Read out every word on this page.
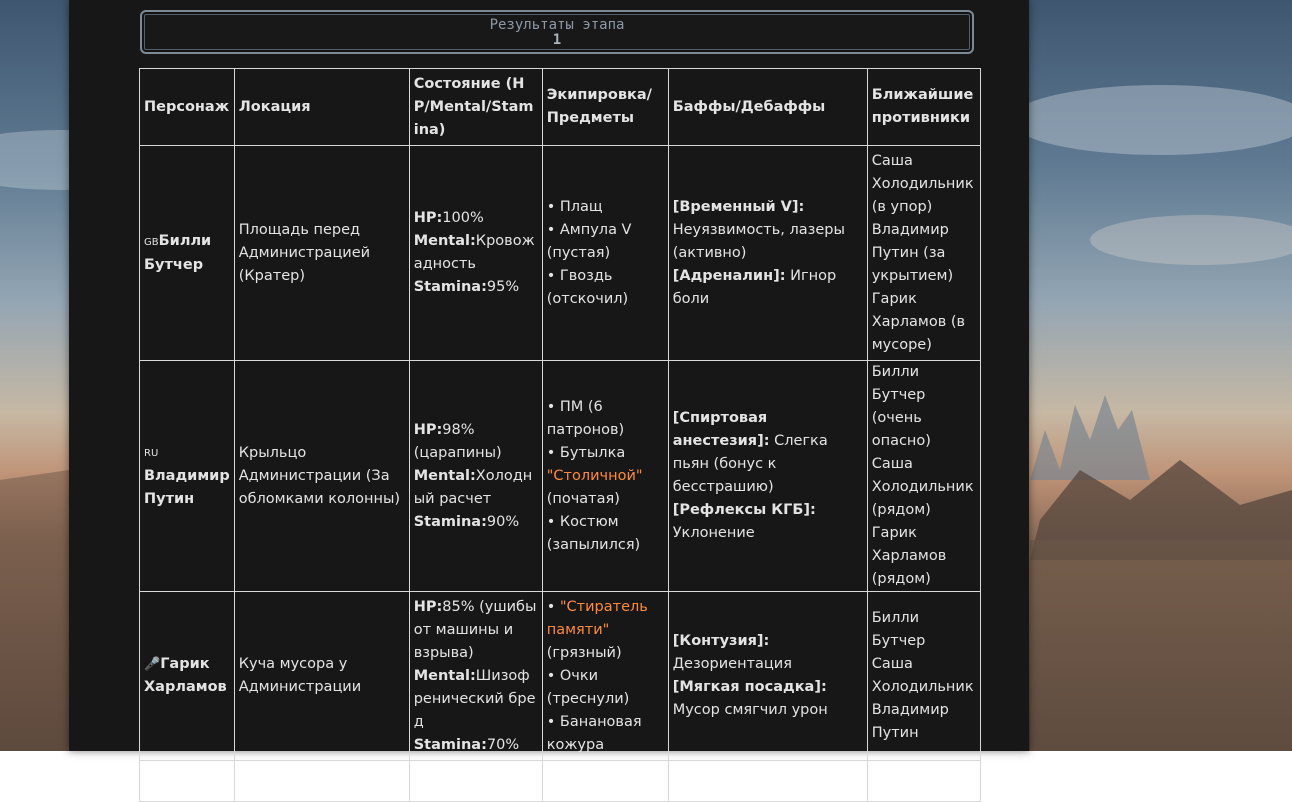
Результаты этапа
1
Персонаж	Локация	Состояние (HP/Mental/Stamina)	Экипировка/ Предметы	Баффы/Дебаффы	Ближайшие противники
GBБилли Бутчер	Площадь перед Администрацией (Кратер)	HP:100%
Mental:Кровожадность
Stamina:95%	• Плащ
• Ампула V (пустая)
• Гвоздь (отскочил)	[Временный V]: Неуязвимость, лазеры (активно)
[Адреналин]: Игнор боли	Саша Холодильник (в упор)
Владимир Путин (за укрытием)
Гарик Харламов (в мусоре)

RU
Владимир Путин	Крыльцо Администрации (За обломками колонны)	HP:98% (царапины)
Mental:Холодный расчет
Stamina:90%	• ПМ (6 патронов)
• Бутылка "Столичной" (початая)
• Костюм (запылился)	[Спиртовая анестезия]: Слегка пьян (бонус к бесстрашию)
[Рефлексы КГБ]: Уклонение	Билли Бутчер (очень опасно)
Саша Холодильник (рядом)
Гарик Харламов (рядом)

🎤Гарик Харламов	Куча мусора у Администрации	HP:85% (ушибы от машины и взрыва)
Mental:Шизофренический бред
Stamina:70%	• "Стиратель памяти" (грязный)
• Очки (треснули)
• Банановая кожура	[Контузия]: Дезориентация
[Мягкая посадка]: Мусор смягчил урон	Билли Бутчер
Саша Холодильник
Владимир Путин
